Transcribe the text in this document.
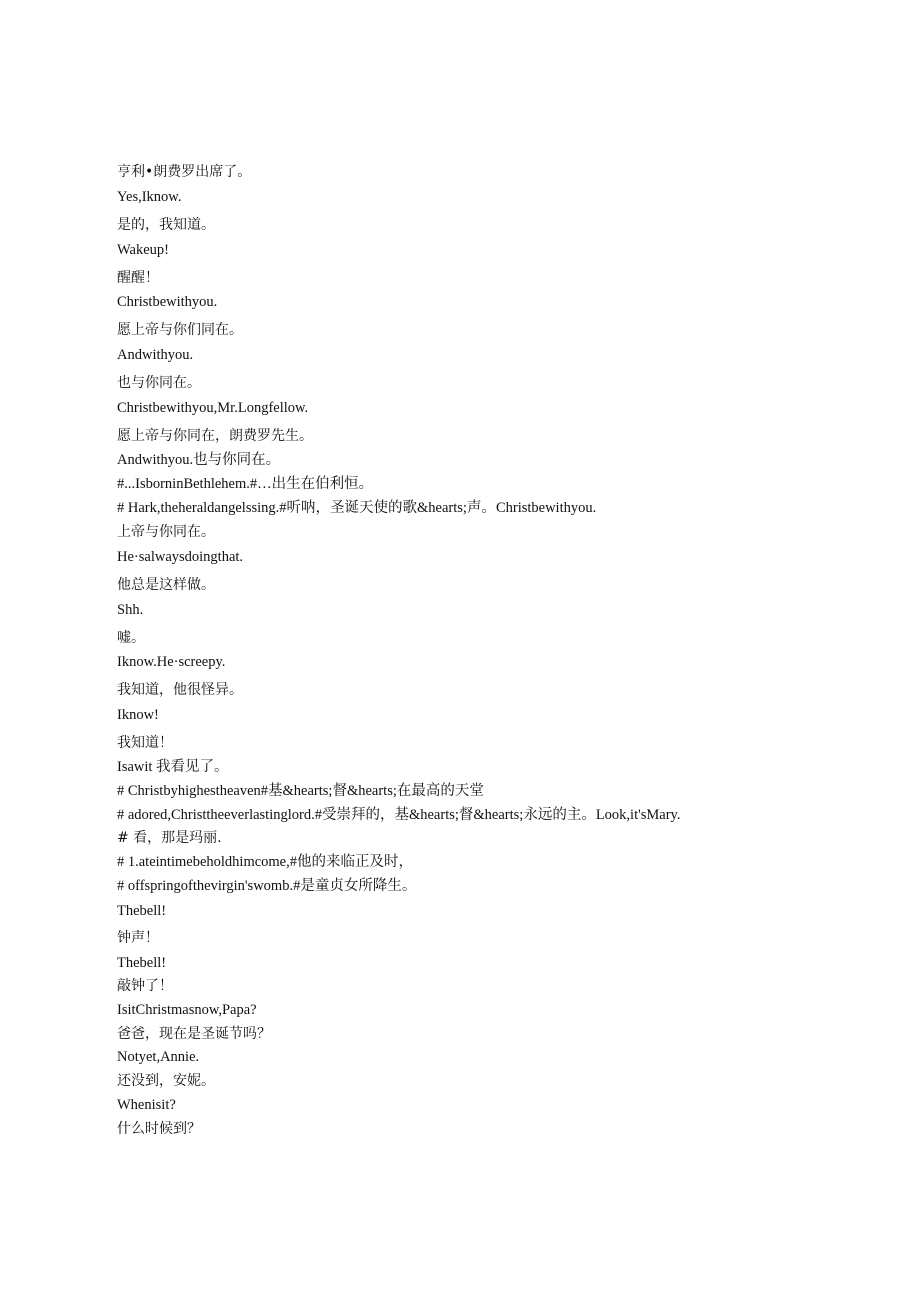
亨利•朗费罗出席了。
Yes,Iknow.
是的，我知道。
Wakeup!
醒醒！
Christbewithyou.
愿上帝与你们同在。
Andwithyou.
也与你同在。
Christbewithyou,Mr.Longfellow.
愿上帝与你同在，朗费罗先生。
Andwithyou.也与你同在。
#...IsborninBethlehem.#…出生在伯利恒。
# Hark,theheraldangelssing.#听呐，圣诞天使的歌&hearts;声。Christbewithyou.
上帝与你同在。
He·salwaysdoingthat.
他总是这样做。
Shh.
嘘。
Iknow.He·screepy.
我知道，他很怪异。
Iknow!
我知道！
Isawit 我看见了。
# Christbyhighestheaven#基&hearts;督&hearts;在最高的天堂
# adored,Christtheeverlastinglord.#受崇拜的，基&hearts;督&hearts;永远的主。Look,it'sMary.
# 看，那是玛丽.
# 1.ateintimebeholdhimcome,#他的来临正及时，
# offspringofthevirgin'swomb.#是童贞女所降生。
Thebell!
钟声！
Thebell!
敲钟了！
IsitChristmasnow,Papa?
爸爸，现在是圣诞节吗？
Notyet,Annie.
还没到，安妮。
Whenisit?
什么时候到？
